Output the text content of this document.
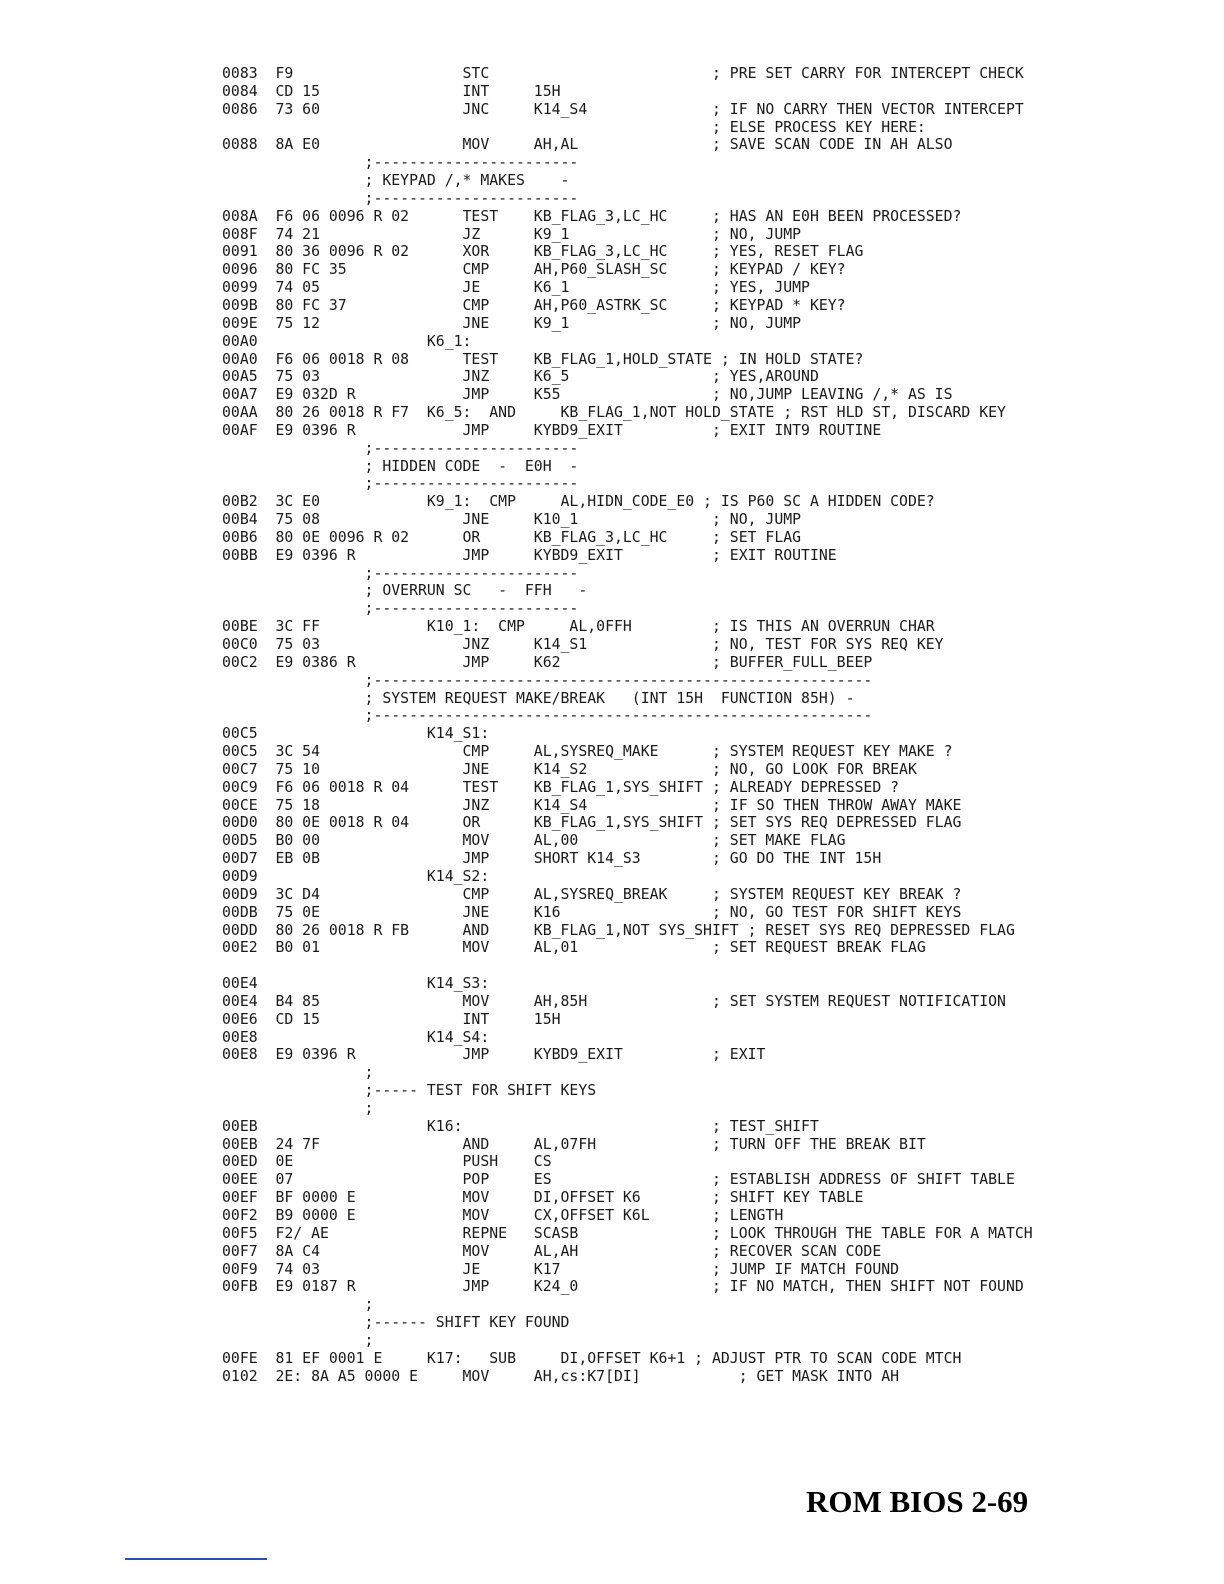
0083  F9                   STC                         ; PRE SET CARRY FOR INTERCEPT CHECK
0084  CD 15                INT     15H
0086  73 60                JNC     K14_S4              ; IF NO CARRY THEN VECTOR INTERCEPT
; ELSE PROCESS KEY HERE:
0088  8A E0                MOV     AH,AL               ; SAVE SCAN CODE IN AH ALSO
;-----------------------
; KEYPAD /,* MAKES    -
;-----------------------
008A  F6 06 0096 R 02      TEST    KB_FLAG_3,LC_HC     ; HAS AN E0H BEEN PROCESSED?
008F  74 21                JZ      K9_1                ; NO, JUMP
0091  80 36 0096 R 02      XOR     KB_FLAG_3,LC_HC     ; YES, RESET FLAG
0096  80 FC 35             CMP     AH,P60_SLASH_SC     ; KEYPAD / KEY?
0099  74 05                JE      K6_1                ; YES, JUMP
009B  80 FC 37             CMP     AH,P60_ASTRK_SC     ; KEYPAD * KEY?
009E  75 12                JNE     K9_1                ; NO, JUMP
00A0                   K6_1:
00A0  F6 06 0018 R 08      TEST    KB_FLAG_1,HOLD_STATE ; IN HOLD STATE?
00A5  75 03                JNZ     K6_5                ; YES,AROUND
00A7  E9 032D R            JMP     K55                 ; NO,JUMP LEAVING /,* AS IS
00AA  80 26 0018 R F7  K6_5:  AND     KB_FLAG_1,NOT HOLD_STATE ; RST HLD ST, DISCARD KEY
00AF  E9 0396 R            JMP     KYBD9_EXIT          ; EXIT INT9 ROUTINE
;-----------------------
; HIDDEN CODE  -  E0H  -
;-----------------------
00B2  3C E0            K9_1:  CMP     AL,HIDN_CODE_E0 ; IS P60 SC A HIDDEN CODE?
00B4  75 08                JNE     K10_1               ; NO, JUMP
00B6  80 0E 0096 R 02      OR      KB_FLAG_3,LC_HC     ; SET FLAG
00BB  E9 0396 R            JMP     KYBD9_EXIT          ; EXIT ROUTINE
;-----------------------
; OVERRUN SC   -  FFH   -
;-----------------------
00BE  3C FF            K10_1:  CMP     AL,0FFH         ; IS THIS AN OVERRUN CHAR
00C0  75 03                JNZ     K14_S1              ; NO, TEST FOR SYS REQ KEY
00C2  E9 0386 R            JMP     K62                 ; BUFFER_FULL_BEEP
;--------------------------------------------------------
; SYSTEM REQUEST MAKE/BREAK   (INT 15H  FUNCTION 85H) -
;--------------------------------------------------------
00C5                   K14_S1:
00C5  3C 54                CMP     AL,SYSREQ_MAKE      ; SYSTEM REQUEST KEY MAKE ?
00C7  75 10                JNE     K14_S2              ; NO, GO LOOK FOR BREAK
00C9  F6 06 0018 R 04      TEST    KB_FLAG_1,SYS_SHIFT ; ALREADY DEPRESSED ?
00CE  75 18                JNZ     K14_S4              ; IF SO THEN THROW AWAY MAKE
00D0  80 0E 0018 R 04      OR      KB_FLAG_1,SYS_SHIFT ; SET SYS REQ DEPRESSED FLAG
00D5  B0 00                MOV     AL,00               ; SET MAKE FLAG
00D7  EB 0B                JMP     SHORT K14_S3        ; GO DO THE INT 15H
00D9                   K14_S2:
00D9  3C D4                CMP     AL,SYSREQ_BREAK     ; SYSTEM REQUEST KEY BREAK ?
00DB  75 0E                JNE     K16                 ; NO, GO TEST FOR SHIFT KEYS
00DD  80 26 0018 R FB      AND     KB_FLAG_1,NOT SYS_SHIFT ; RESET SYS REQ DEPRESSED FLAG
00E2  B0 01                MOV     AL,01               ; SET REQUEST BREAK FLAG
00E4                   K14_S3:
00E4  B4 85                MOV     AH,85H              ; SET SYSTEM REQUEST NOTIFICATION
00E6  CD 15                INT     15H
00E8                   K14_S4:
00E8  E9 0396 R            JMP     KYBD9_EXIT          ; EXIT
;
;----- TEST FOR SHIFT KEYS
;
00EB                   K16:                            ; TEST_SHIFT
00EB  24 7F                AND     AL,07FH             ; TURN OFF THE BREAK BIT
00ED  0E                   PUSH    CS
00EE  07                   POP     ES                  ; ESTABLISH ADDRESS OF SHIFT TABLE
00EF  BF 0000 E            MOV     DI,OFFSET K6        ; SHIFT KEY TABLE
00F2  B9 0000 E            MOV     CX,OFFSET K6L       ; LENGTH
00F5  F2/ AE               REPNE   SCASB               ; LOOK THROUGH THE TABLE FOR A MATCH
00F7  8A C4                MOV     AL,AH               ; RECOVER SCAN CODE
00F9  74 03                JE      K17                 ; JUMP IF MATCH FOUND
00FB  E9 0187 R            JMP     K24_0               ; IF NO MATCH, THEN SHIFT NOT FOUND
;
;------ SHIFT KEY FOUND
;
00FE  81 EF 0001 E     K17:   SUB     DI,OFFSET K6+1 ; ADJUST PTR TO SCAN CODE MTCH
0102  2E: 8A A5 0000 E     MOV     AH,cs:K7[DI]           ; GET MASK INTO AH
ROM BIOS 2-69
